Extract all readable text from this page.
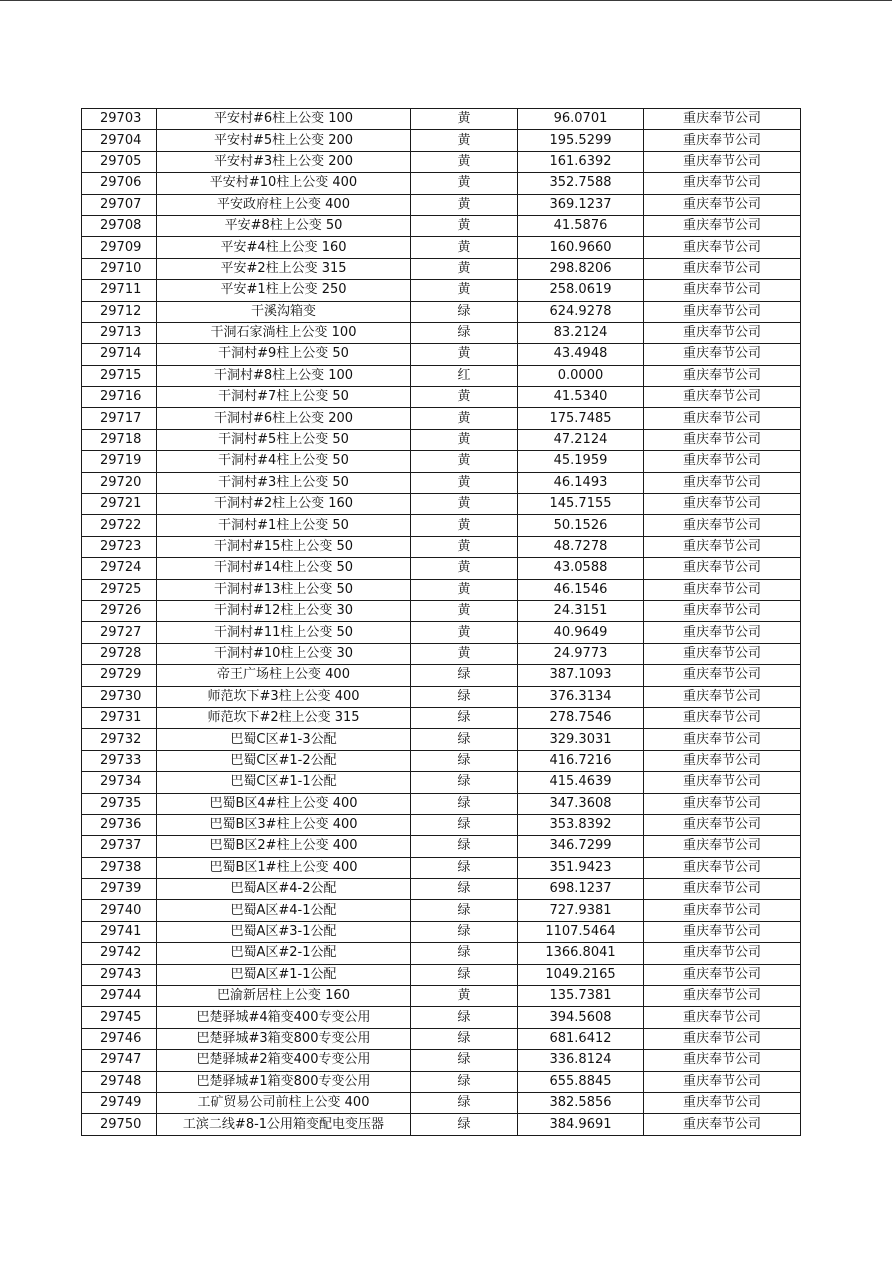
29703	平安村#6柱上公变 100	黄	96.0701	重庆奉节公司
29704	平安村#5柱上公变 200	黄	195.5299	重庆奉节公司
29705	平安村#3柱上公变 200	黄	161.6392	重庆奉节公司
29706	平安村#10柱上公变 400	黄	352.7588	重庆奉节公司
29707	平安政府柱上公变 400	黄	369.1237	重庆奉节公司
29708	平安#8柱上公变 50	黄	41.5876	重庆奉节公司
29709	平安#4柱上公变 160	黄	160.9660	重庆奉节公司
29710	平安#2柱上公变 315	黄	298.8206	重庆奉节公司
29711	平安#1柱上公变 250	黄	258.0619	重庆奉节公司
29712	干溪沟箱变	绿	624.9278	重庆奉节公司
29713	干洞石家淌柱上公变 100	绿	83.2124	重庆奉节公司
29714	干洞村#9柱上公变 50	黄	43.4948	重庆奉节公司
29715	干洞村#8柱上公变 100	红	0.0000	重庆奉节公司
29716	干洞村#7柱上公变 50	黄	41.5340	重庆奉节公司
29717	干洞村#6柱上公变 200	黄	175.7485	重庆奉节公司
29718	干洞村#5柱上公变 50	黄	47.2124	重庆奉节公司
29719	干洞村#4柱上公变 50	黄	45.1959	重庆奉节公司
29720	干洞村#3柱上公变 50	黄	46.1493	重庆奉节公司
29721	干洞村#2柱上公变 160	黄	145.7155	重庆奉节公司
29722	干洞村#1柱上公变 50	黄	50.1526	重庆奉节公司
29723	干洞村#15柱上公变 50	黄	48.7278	重庆奉节公司
29724	干洞村#14柱上公变 50	黄	43.0588	重庆奉节公司
29725	干洞村#13柱上公变 50	黄	46.1546	重庆奉节公司
29726	干洞村#12柱上公变 30	黄	24.3151	重庆奉节公司
29727	干洞村#11柱上公变 50	黄	40.9649	重庆奉节公司
29728	干洞村#10柱上公变 30	黄	24.9773	重庆奉节公司
29729	帝王广场柱上公变 400	绿	387.1093	重庆奉节公司
29730	师范坎下#3柱上公变 400	绿	376.3134	重庆奉节公司
29731	师范坎下#2柱上公变 315	绿	278.7546	重庆奉节公司
29732	巴蜀C区#1-3公配	绿	329.3031	重庆奉节公司
29733	巴蜀C区#1-2公配	绿	416.7216	重庆奉节公司
29734	巴蜀C区#1-1公配	绿	415.4639	重庆奉节公司
29735	巴蜀B区4#柱上公变 400	绿	347.3608	重庆奉节公司
29736	巴蜀B区3#柱上公变 400	绿	353.8392	重庆奉节公司
29737	巴蜀B区2#柱上公变 400	绿	346.7299	重庆奉节公司
29738	巴蜀B区1#柱上公变 400	绿	351.9423	重庆奉节公司
29739	巴蜀A区#4-2公配	绿	698.1237	重庆奉节公司
29740	巴蜀A区#4-1公配	绿	727.9381	重庆奉节公司
29741	巴蜀A区#3-1公配	绿	1107.5464	重庆奉节公司
29742	巴蜀A区#2-1公配	绿	1366.8041	重庆奉节公司
29743	巴蜀A区#1-1公配	绿	1049.2165	重庆奉节公司
29744	巴渝新居柱上公变 160	黄	135.7381	重庆奉节公司
29745	巴楚驿城#4箱变400专变公用	绿	394.5608	重庆奉节公司
29746	巴楚驿城#3箱变800专变公用	绿	681.6412	重庆奉节公司
29747	巴楚驿城#2箱变400专变公用	绿	336.8124	重庆奉节公司
29748	巴楚驿城#1箱变800专变公用	绿	655.8845	重庆奉节公司
29749	工矿贸易公司前柱上公变 400	绿	382.5856	重庆奉节公司
29750	工滨二线#8-1公用箱变配电变压器	绿	384.9691	重庆奉节公司
